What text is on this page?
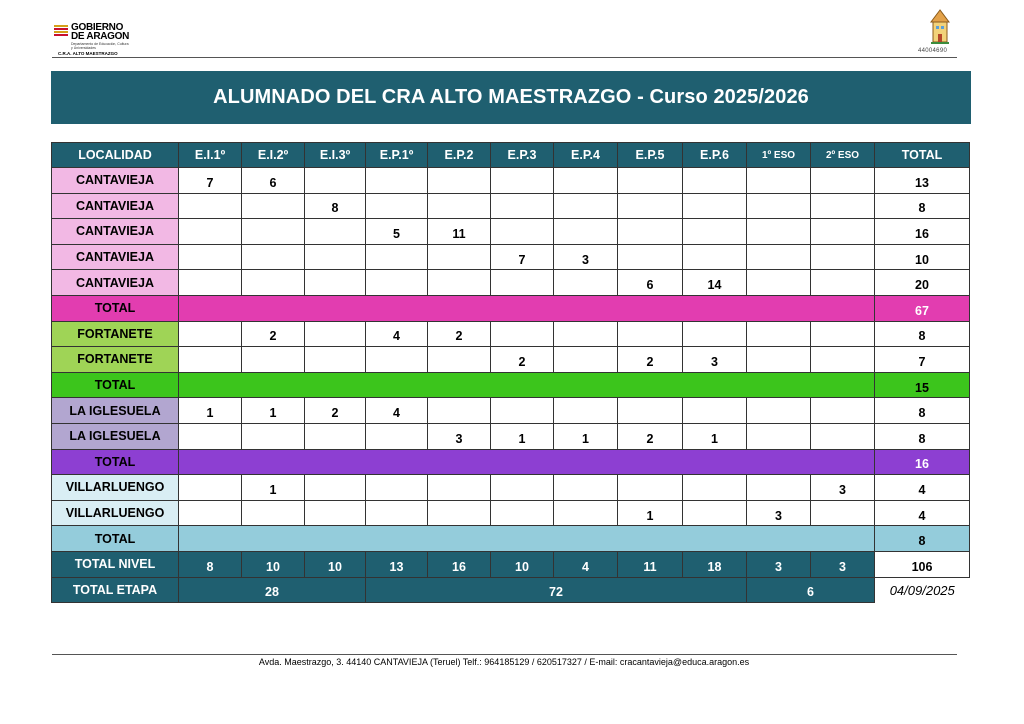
GOBIERNO
DE ARAGON
Departamento de Educación, Cultura y Universidades
C.R.A. ALTO MAESTRAZGO	44004690
ALUMNADO DEL CRA ALTO MAESTRAZGO - Curso 2025/2026
LOCALIDAD	E.I.1º	E.I.2º	E.I.3º	E.P.1º	E.P.2	E.P.3	E.P.4	E.P.5	E.P.6	1º ESO	2º ESO	TOTAL
CANTAVIEJA	7	6										13
CANTAVIEJA			8									8
CANTAVIEJA				5	11							16
CANTAVIEJA						7	3					10
CANTAVIEJA								6	14			20
TOTAL												67
FORTANETE		2		4	2							8
FORTANETE						2		2	3			7
TOTAL												15
LA IGLESUELA	1	1	2	4								8
LA IGLESUELA					3	1	1	2	1			8
TOTAL												16
VILLARLUENGO		1									3	4
VILLARLUENGO								1		3		4
TOTAL												8
TOTAL NIVEL	8	10	10	13	16	10	4	11	18	3	3	106
TOTAL ETAPA	28			72						6		04/09/2025
Avda. Maestrazgo, 3. 44140 CANTAVIEJA (Teruel) Telf.: 964185129 / 620517327 / E-mail: cracantavieja@educa.aragon.es
